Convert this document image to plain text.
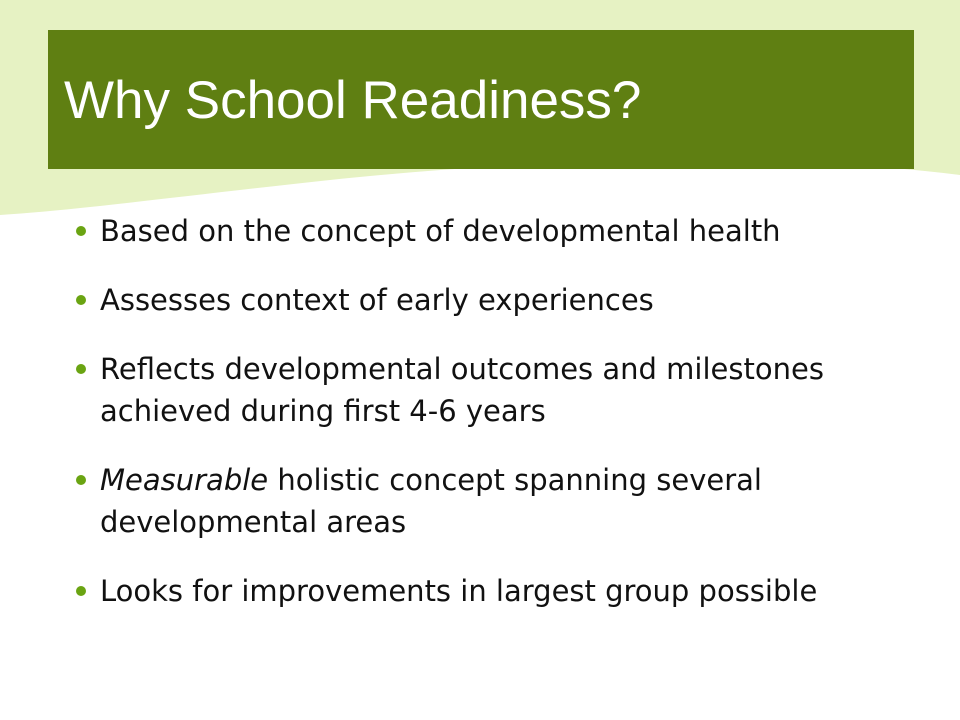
Why School Readiness?
Based on the concept of developmental health
Assesses context of early experiences
Reflects developmental outcomes and milestones achieved during first 4-6 years
Measurable holistic concept spanning several developmental areas
Looks for improvements in largest group possible
